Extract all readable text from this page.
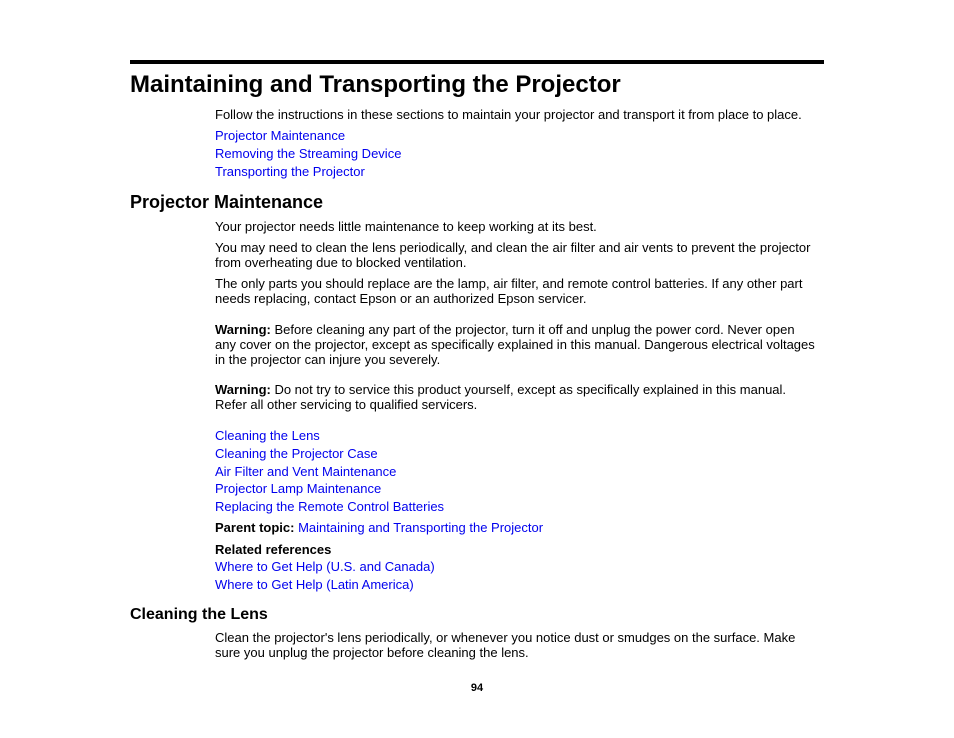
Maintaining and Transporting the Projector

Follow the instructions in these sections to maintain your projector and transport it from place to place.

Projector Maintenance
Removing the Streaming Device
Transporting the Projector
Projector Maintenance

Your projector needs little maintenance to keep working at its best.

You may need to clean the lens periodically, and clean the air filter and air vents to prevent the projector

from overheating due to blocked ventilation.

The only parts you should replace are the lamp, air filter, and remote control batteries. If any other part

needs replacing, contact Epson or an authorized Epson servicer.

Warning: Before cleaning any part of the projector, turn it off and unplug the power cord. Never open

any cover on the projector, except as specifically explained in this manual. Dangerous electrical voltages

in the projector can injure you severely.

Warning: Do not try to service this product yourself, except as specifically explained in this manual.

Refer all other servicing to qualified servicers.

Cleaning the Lens
Cleaning the Projector Case
Air Filter and Vent Maintenance
Projector Lamp Maintenance
Replacing the Remote Control Batteries

Parent topic: Maintaining and Transporting the Projector

Related references

Where to Get Help (U.S. and Canada)
Where to Get Help (Latin America)
Cleaning the Lens

Clean the projector's lens periodically, or whenever you notice dust or smudges on the surface. Make

sure you unplug the projector before cleaning the lens.

94
